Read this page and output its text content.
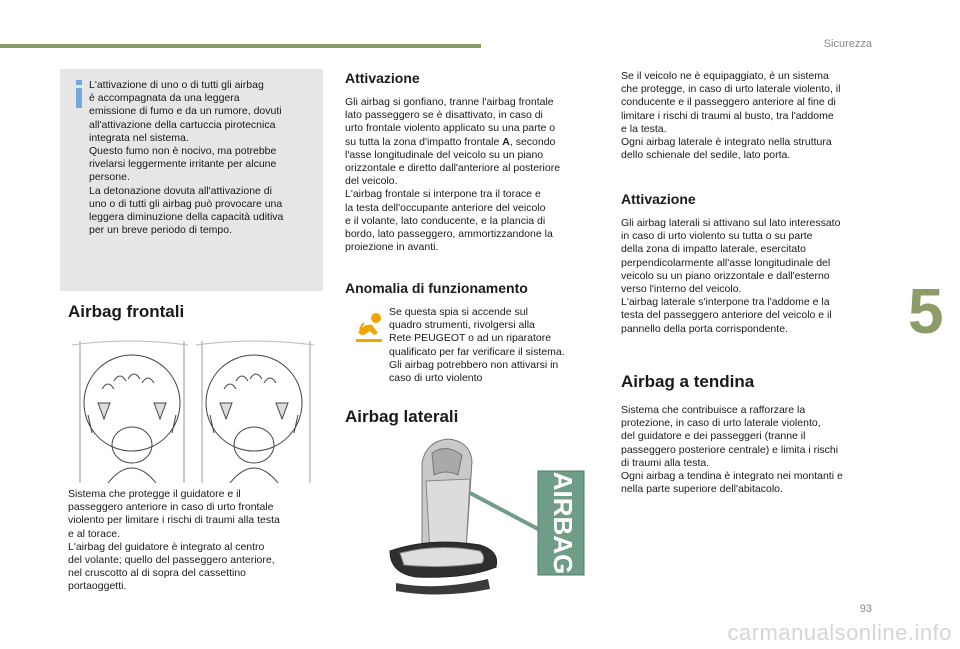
Sicurezza
5
93
carmanualsonline.info
L'attivazione di uno o di tutti gli airbag
è accompagnata da una leggera
emissione di fumo e da un rumore, dovuti
all'attivazione della cartuccia pirotecnica
integrata nel sistema.
Questo fumo non è nocivo, ma potrebbe
rivelarsi leggermente irritante per alcune
persone.
La detonazione dovuta all'attivazione di
uno o di tutti gli airbag può provocare una
leggera diminuzione della capacità uditiva
per un breve periodo di tempo.
Airbag frontali
Sistema che protegge il guidatore e il
passeggero anteriore in caso di urto frontale
violento per limitare i rischi di traumi alla testa
e al torace.
L'airbag del guidatore è integrato al centro
del volante; quello del passeggero anteriore,
nel cruscotto al di sopra del cassettino
portaoggetti.
Attivazione
Gli airbag si gonfiano, tranne l'airbag frontale
lato passeggero se è disattivato, in caso di
urto frontale violento applicato su una parte o
su tutta la zona d'impatto frontale A, secondo
l'asse longitudinale del veicolo su un piano
orizzontale e diretto dall'anteriore al posteriore
del veicolo.
L'airbag frontale si interpone tra il torace e
la testa dell'occupante anteriore del veicolo
e il volante, lato conducente, e la plancia di
bordo, lato passeggero, ammortizzandone la
proiezione in avanti.
Anomalia di funzionamento
Se questa spia si accende sul
quadro strumenti, rivolgersi alla
Rete PEUGEOT o ad un riparatore
qualificato per far verificare il sistema.
Gli airbag potrebbero non attivarsi in
caso di urto violento
Airbag laterali
AIRBAG
Se il veicolo ne è equipaggiato, è un sistema
che protegge, in caso di urto laterale violento, il
conducente e il passeggero anteriore al fine di
limitare i rischi di traumi al busto, tra l'addome
e la testa.
Ogni airbag laterale è integrato nella struttura
dello schienale del sedile, lato porta.
Attivazione
Gli airbag laterali si attivano sul lato interessato
in caso di urto violento su tutta o su parte
della zona di impatto laterale, esercitato
perpendicolarmente all'asse longitudinale del
veicolo su un piano orizzontale e dall'esterno
verso l'interno del veicolo.
L'airbag laterale s'interpone tra l'addome e la
testa del passeggero anteriore del veicolo e il
pannello della porta corrispondente.
Airbag a tendina
Sistema che contribuisce a rafforzare la
protezione, in caso di urto laterale violento,
del guidatore e dei passeggeri (tranne il
passeggero posteriore centrale) e limita i rischi
di traumi alla testa.
Ogni airbag a tendina è integrato nei montanti e
nella parte superiore dell'abitacolo.
